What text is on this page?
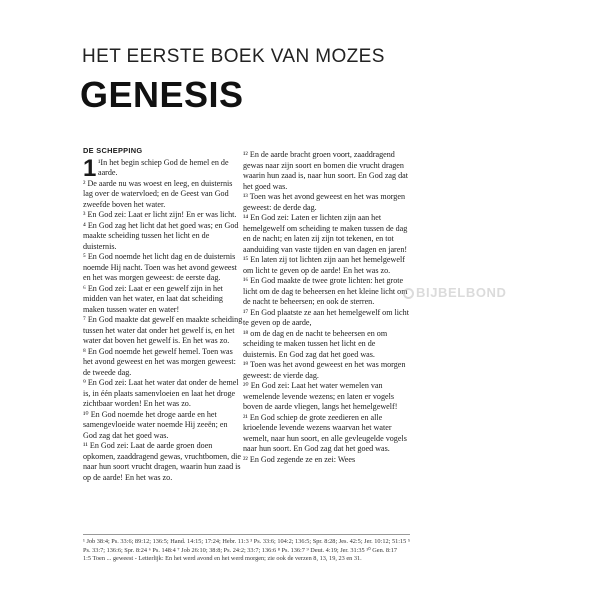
HET EERSTE BOEK VAN MOZES
GENESIS
DE SCHEPPING
1 ¹In het begin schiep God de hemel en de aarde.

² De aarde nu was woest en leeg, en duisternis lag over de watervloed; en de Geest van God zweefde boven het water.

³ En God zei: Laat er licht zijn! En er was licht.

⁴ En God zag het licht dat het goed was; en God maakte scheiding tussen het licht en de duisternis.

⁵ En God noemde het licht dag en de duisternis noemde Hij nacht. Toen was het avond geweest en het was morgen geweest: de eerste dag.

⁶ En God zei: Laat er een gewelf zijn in het midden van het water, en laat dat scheiding maken tussen water en water!

⁷ En God maakte dat gewelf en maakte scheiding tussen het water dat onder het gewelf is, en het water dat boven het gewelf is. En het was zo.

⁸ En God noemde het gewelf hemel. Toen was het avond geweest en het was morgen geweest: de tweede dag.

⁹ En God zei: Laat het water dat onder de hemel is, in één plaats samenvloeien en laat het droge zichtbaar worden! En het was zo.

¹⁰ En God noemde het droge aarde en het samengevloeide water noemde Hij zeeën; en God zag dat het goed was.

¹¹ En God zei: Laat de aarde groen doen opkomen, zaaddragend gewas, vruchtbomen, die naar hun soort vrucht dragen, waarin hun zaad is op de aarde! En het was zo.

¹² En de aarde bracht groen voort, zaaddragend gewas naar zijn soort en bomen die vrucht dragen waarin hun zaad is, naar hun soort. En God zag dat het goed was.

¹³ Toen was het avond geweest en het was morgen geweest: de derde dag.

¹⁴ En God zei: Laten er lichten zijn aan het hemelgewelf om scheiding te maken tussen de dag en de nacht; en laten zij zijn tot tekenen, en tot aanduiding van vaste tijden en van dagen en jaren!

¹⁵ En laten zij tot lichten zijn aan het hemelgewelf om licht te geven op de aarde! En het was zo.

¹⁶ En God maakte de twee grote lichten: het grote licht om de dag te beheersen en het kleine licht om de nacht te beheersen; en ook de sterren.

¹⁷ En God plaatste ze aan het hemelgewelf om licht te geven op de aarde,

¹⁸ om de dag en de nacht te beheersen en om scheiding te maken tussen het licht en de duisternis. En God zag dat het goed was.

¹⁹ Toen was het avond geweest en het was morgen geweest: de vierde dag.

²⁰ En God zei: Laat het water wemelen van wemelende levende wezens; en laten er vogels boven de aarde vliegen, langs het hemelgewelf!

²¹ En God schiep de grote zeedieren en alle krioelende levende wezens waarvan het water wemelt, naar hun soort, en alle gevleugelde vogels naar hun soort. En God zag dat het goed was.

²² En God zegende ze en zei: Wees

BIJBELBOND

¹ Job 38:4; Ps. 33:6; 89:12; 136:5; Hand. 14:15; 17:24; Hebr. 11:3 ³ Ps. 33:6; 104:2; 136:5; Spr. 8:28; Jes. 42:5; Jer. 10:12; 51:15 ⁵ Ps. 33:7; 136:6; Spr. 8:24 ⁶ Ps. 148:4 ⁷ Job 26:10; 38:8; Ps. 24:2; 33:7; 136:6 ⁸ Ps. 136:7 ⁹ Deut. 4:19; Jer. 31:35 ¹⁰ Gen. 8:17

1:5 Toen ... geweest - Letterlijk: En het werd avond en het werd morgen; zie ook de verzen 8, 13, 19, 23 en 31.
